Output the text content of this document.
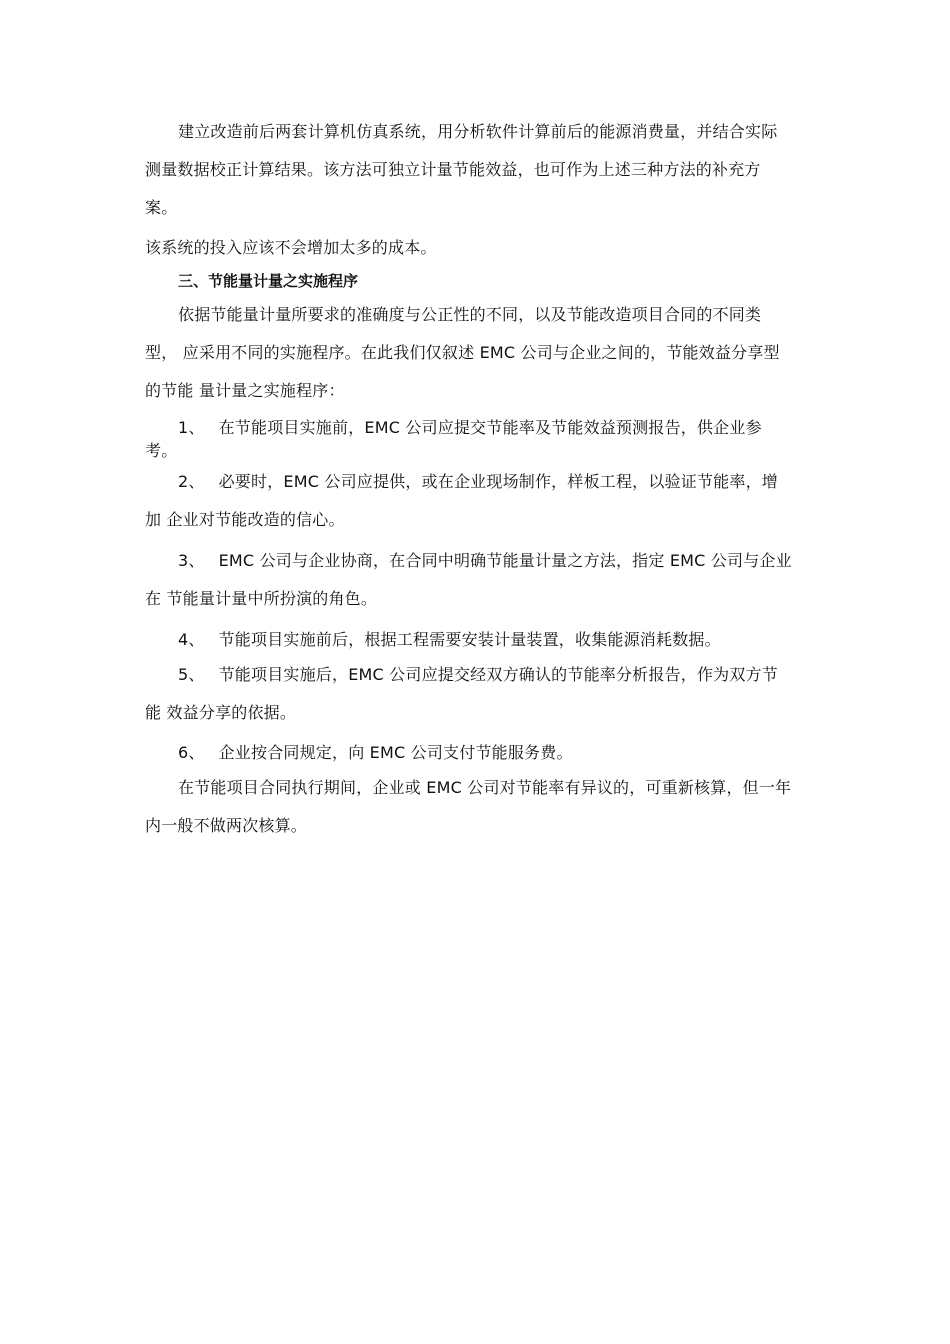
建立改造前后两套计算机仿真系统，用分析软件计算前后的能源消费量，并结合实际
测量数据校正计算结果。该方法可独立计量节能效益，也可作为上述三种方法的补充方
案。

该系统的投入应该不会增加太多的成本。

三、节能量计量之实施程序

依据节能量计量所要求的准确度与公正性的不同，以及节能改造项目合同的不同类
型， 应采用不同的实施程序。在此我们仅叙述 EMC 公司与企业之间的，节能效益分享型
的节能 量计量之实施程序：

1、 在节能项目实施前，EMC 公司应提交节能率及节能效益预测报告，供企业参
考。

2、 必要时，EMC 公司应提供，或在企业现场制作，样板工程，以验证节能率，增
加 企业对节能改造的信心。

3、 EMC 公司与企业协商，在合同中明确节能量计量之方法，指定 EMC 公司与企业
在 节能量计量中所扮演的角色。

4、 节能项目实施前后，根据工程需要安装计量装置，收集能源消耗数据。

5、 节能项目实施后，EMC 公司应提交经双方确认的节能率分析报告，作为双方节
能 效益分享的依据。

6、 企业按合同规定，向 EMC 公司支付节能服务费。

在节能项目合同执行期间，企业或 EMC 公司对节能率有异议的，可重新核算，但一年
内一般不做两次核算。
